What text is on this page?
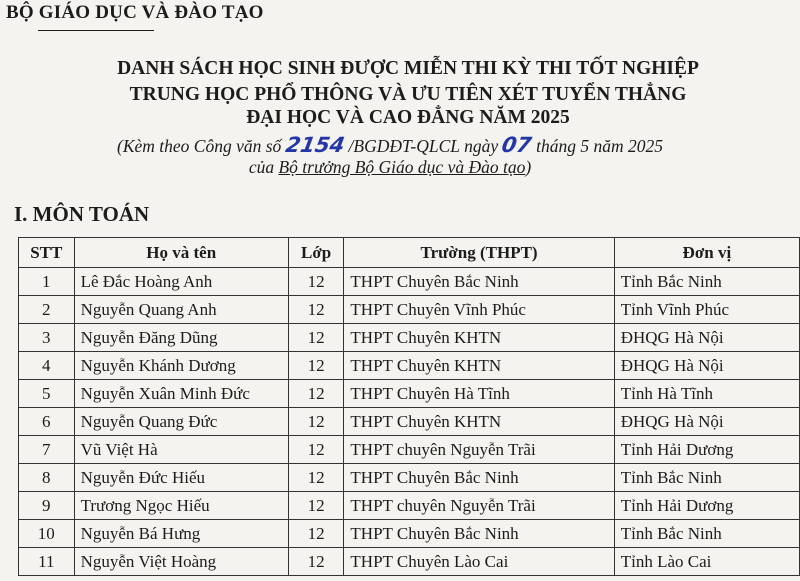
BỘ GIÁO DỤC VÀ ĐÀO TẠO
DANH SÁCH HỌC SINH ĐƯỢC MIỄN THI KỲ THI TỐT NGHIỆP
TRUNG HỌC PHỔ THÔNG VÀ ƯU TIÊN XÉT TUYỂN THẲNG
ĐẠI HỌC VÀ CAO ĐẲNG NĂM 2025
(Kèm theo Công văn số 2154 /BGDĐT-QLCL ngày 07 tháng 5 năm 2025
của Bộ trưởng Bộ Giáo dục và Đào tạo)
I. MÔN TOÁN
STT	Họ và tên	Lớp	Trường (THPT)	Đơn vị
1	Lê Đắc Hoàng Anh	12	THPT Chuyên Bắc Ninh	Tỉnh Bắc Ninh
2	Nguyễn Quang Anh	12	THPT Chuyên Vĩnh Phúc	Tỉnh Vĩnh Phúc
3	Nguyễn Đăng Dũng	12	THPT Chuyên KHTN	ĐHQG Hà Nội
4	Nguyễn Khánh Dương	12	THPT Chuyên KHTN	ĐHQG Hà Nội
5	Nguyễn Xuân Minh Đức	12	THPT Chuyên Hà Tĩnh	Tỉnh Hà Tĩnh
6	Nguyễn Quang Đức	12	THPT Chuyên KHTN	ĐHQG Hà Nội
7	Vũ Việt Hà	12	THPT chuyên Nguyễn Trãi	Tỉnh Hải Dương
8	Nguyễn Đức Hiếu	12	THPT Chuyên Bắc Ninh	Tỉnh Bắc Ninh
9	Trương Ngọc Hiếu	12	THPT chuyên Nguyễn Trãi	Tỉnh Hải Dương
10	Nguyễn Bá Hưng	12	THPT Chuyên Bắc Ninh	Tỉnh Bắc Ninh
11	Nguyễn Việt Hoàng	12	THPT Chuyên Lào Cai	Tỉnh Lào Cai
